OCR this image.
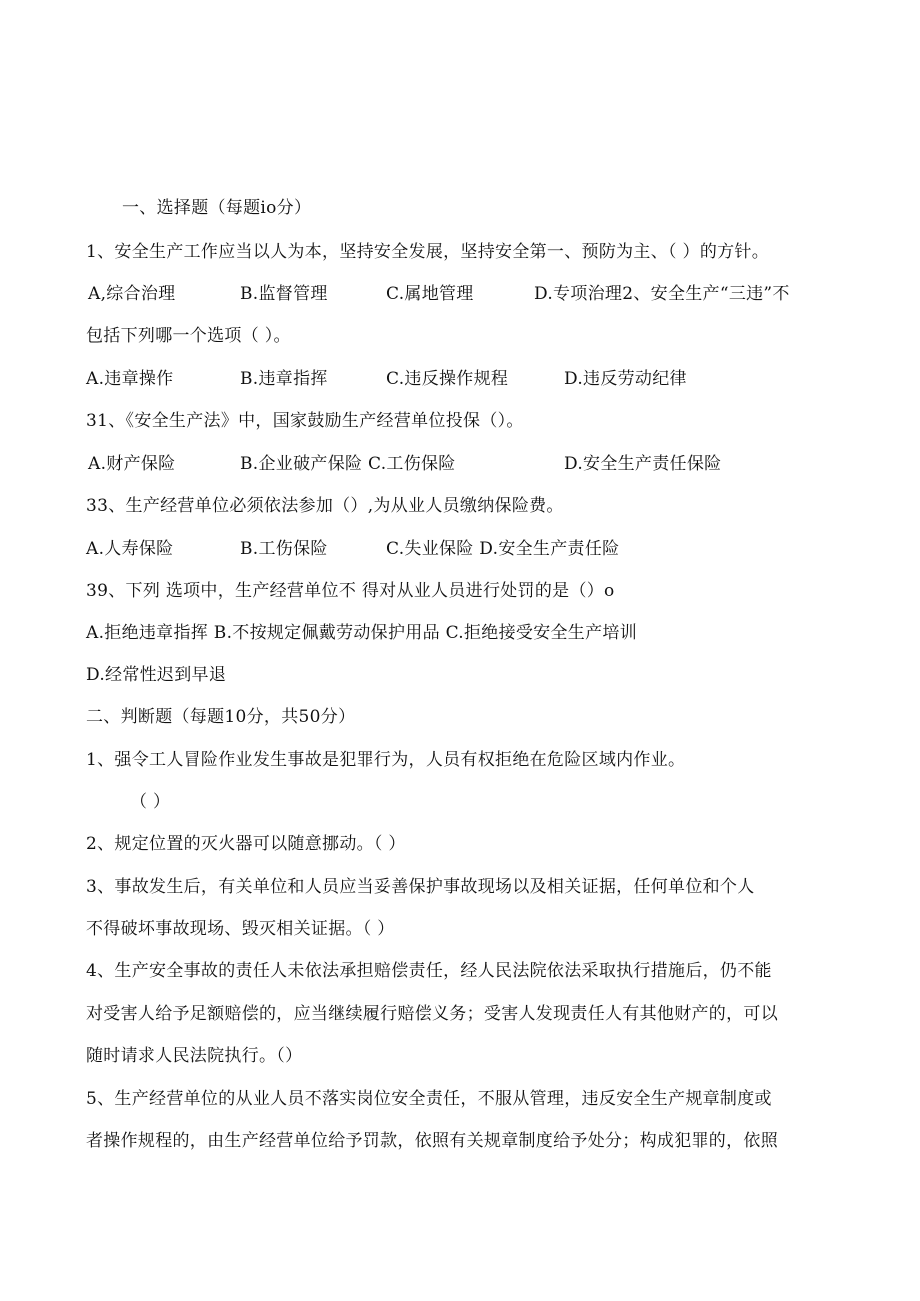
一、选择题（每题io分）
1、安全生产工作应当以人为本，坚持安全发展，坚持安全第一、预防为主、（ ）的方针。
A,综合治理	B.监督管理	C.属地管理	D.专项治理2、安全生产“三违”不
包括下列哪一个选项（ ）。
A.违章操作	B.违章指挥	C.违反操作规程	D.违反劳动纪律
31、《安全生产法》中，国家鼓励生产经营单位投保（）。
A.财产保险	B.企业破产保险 C.工伤保险	D.安全生产责任保险
33、生产经营单位必须依法参加（）,为从业人员缴纳保险费。
A.人寿保险	B.工伤保险	C.失业保险 D.安全生产责任险
39、下列 选项中，生产经营单位不 得对从业人员进行处罚的是（）o
A.拒绝违章指挥 B.不按规定佩戴劳动保护用品 C.拒绝接受安全生产培训
D.经常性迟到早退
二、判断题（每题10分，共50分）
1、强令工人冒险作业发生事故是犯罪行为，人员有权拒绝在危险区域内作业。
（ ）
2、规定位置的灭火器可以随意挪动。（ ）
3、事故发生后，有关单位和人员应当妥善保护事故现场以及相关证据，任何单位和个人
不得破坏事故现场、毁灭相关证据。（ ）
4、生产安全事故的责任人未依法承担赔偿责任，经人民法院依法采取执行措施后，仍不能
对受害人给予足额赔偿的，应当继续履行赔偿义务；受害人发现责任人有其他财产的，可以
随时请求人民法院执行。（）
5、生产经营单位的从业人员不落实岗位安全责任，不服从管理，违反安全生产规章制度或
者操作规程的，由生产经营单位给予罚款，依照有关规章制度给予处分；构成犯罪的，依照
